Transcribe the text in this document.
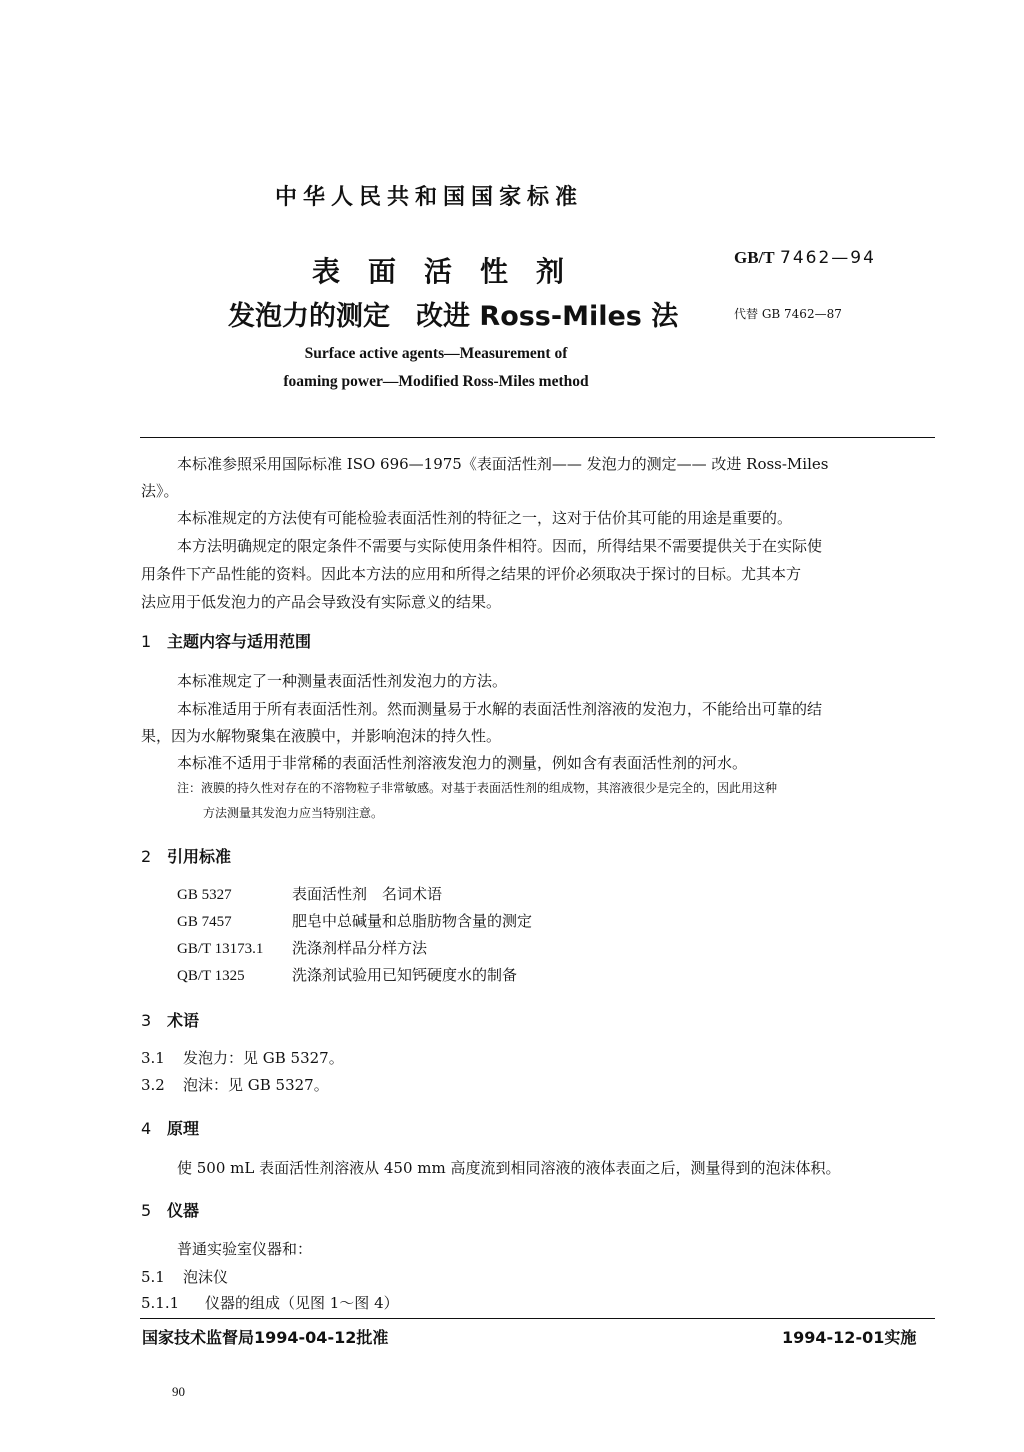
中华人民共和国国家标准
表面活性剂
发泡力的测定 改进 Ross-Miles 法
GB/T 7462—94
代替 GB 7462—87
Surface active agents—Measurement of
foaming power—Modified Ross-Miles method
本标准参照采用国际标准 ISO 696—1975《表面活性剂—— 发泡力的测定—— 改进 Ross-Miles
法》。
本标准规定的方法使有可能检验表面活性剂的特征之一，这对于估价其可能的用途是重要的。
本方法明确规定的限定条件不需要与实际使用条件相符。因而，所得结果不需要提供关于在实际使
用条件下产品性能的资料。因此本方法的应用和所得之结果的评价必须取决于探讨的目标。尤其本方
法应用于低发泡力的产品会导致没有实际意义的结果。
1 主题内容与适用范围
本标准规定了一种测量表面活性剂发泡力的方法。
本标准适用于所有表面活性剂。然而测量易于水解的表面活性剂溶液的发泡力，不能给出可靠的结
果，因为水解物聚集在液膜中，并影响泡沫的持久性。
本标准不适用于非常稀的表面活性剂溶液发泡力的测量，例如含有表面活性剂的河水。
注：液膜的持久性对存在的不溶物粒子非常敏感。对基于表面活性剂的组成物，其溶液很少是完全的，因此用这种
方法测量其发泡力应当特别注意。
2 引用标准
GB 5327	表面活性剂　名词术语
GB 7457	肥皂中总碱量和总脂肪物含量的测定
GB/T 13173.1 洗涤剂样品分样方法
QB/T 1325	洗涤剂试验用已知钙硬度水的制备
3 术语
3.1 发泡力：见 GB 5327。
3.2 泡沫：见 GB 5327。
4 原理
使 500 mL 表面活性剂溶液从 450 mm 高度流到相同溶液的液体表面之后，测量得到的泡沫体积。
5 仪器
普通实验室仪器和：
5.1 泡沫仪
5.1.1 仪器的组成（见图 1～图 4）
国家技术监督局1994-04-12批准	1994-12-01实施
90
